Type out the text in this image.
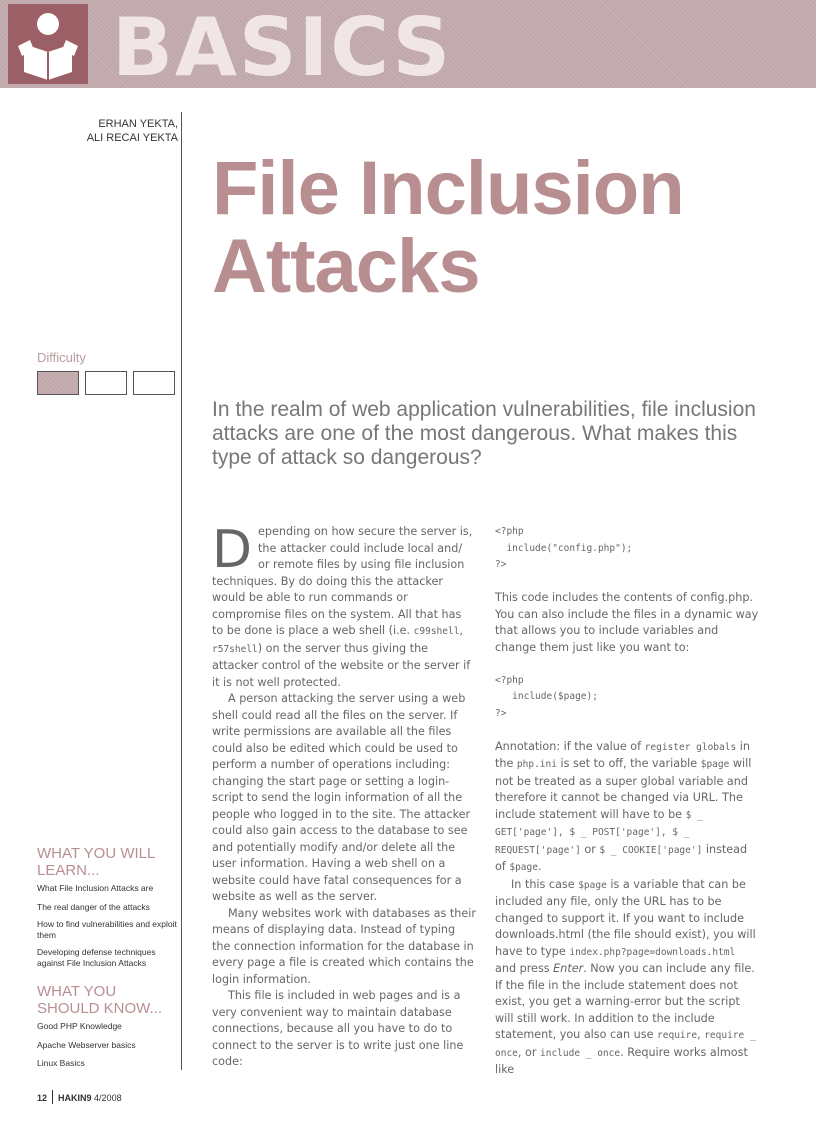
BASICS
ERHAN YEKTA,
ALI RECAI YEKTA
Difficulty
WHAT YOU WILL LEARN...
What File Inclusion Attacks are
The real danger of the attacks
How to find vulnerabilities and exploit them
Developing defense techniques against File Inclusion Attacks
WHAT YOU SHOULD KNOW...
Good PHP Knowledge
Apache Webserver basics
Linux Basics
File Inclusion
Attacks
In the realm of web application vulnerabilities, file inclusion attacks are one of the most dangerous. What makes this type of attack so dangerous?

Depending on how secure the server is, the attacker could include local and/ or remote files by using file inclusion techniques. By do doing this the attacker would be able to run commands or compromise files on the system. All that has to be done is place a web shell (i.e. c99shell, r57shell) on the server thus giving the attacker control of the website or the server if it is not well protected.

A person attacking the server using a web shell could read all the files on the server. If write permissions are available all the files could also be edited which could be used to perform a number of operations including: changing the start page or setting a login-script to send the login information of all the people who logged in to the site. The attacker could also gain access to the database to see and potentially modify and/or delete all the user information. Having a web shell on a website could have fatal consequences for a website as well as the server.

Many websites work with databases as their means of displaying data. Instead of typing the connection information for the database in every page a file is created which contains the login information.

This file is included in web pages and is a very convenient way to maintain database connections, because all you have to do to connect to the server is to write just one line code:

<?php
include("config.php");
?>

This code includes the contents of config.php. You can also include the files in a dynamic way that allows you to include variables and change them just like you want to:

<?php
include($page);
?>

Annotation: if the value of register globals in the php.ini is set to off, the variable $page will not be treated as a super global variable and therefore it cannot be changed via URL. The include statement will have to be $ _ GET['page'], $ _ POST['page'], $ _ REQUEST['page'] or $ _ COOKIE['page'] instead of $page.

In this case $page is a variable that can be included any file, only the URL has to be changed to support it. If you want to include downloads.html (the file should exist), you will have to type index.php?page=downloads.html and press Enter. Now you can include any file. If the file in the include statement does not exist, you get a warning-error but the script will still work. In addition to the include statement, you also can use require, require _ once, or include _ once. Require works almost like

12 HAKIN9 4/2008
